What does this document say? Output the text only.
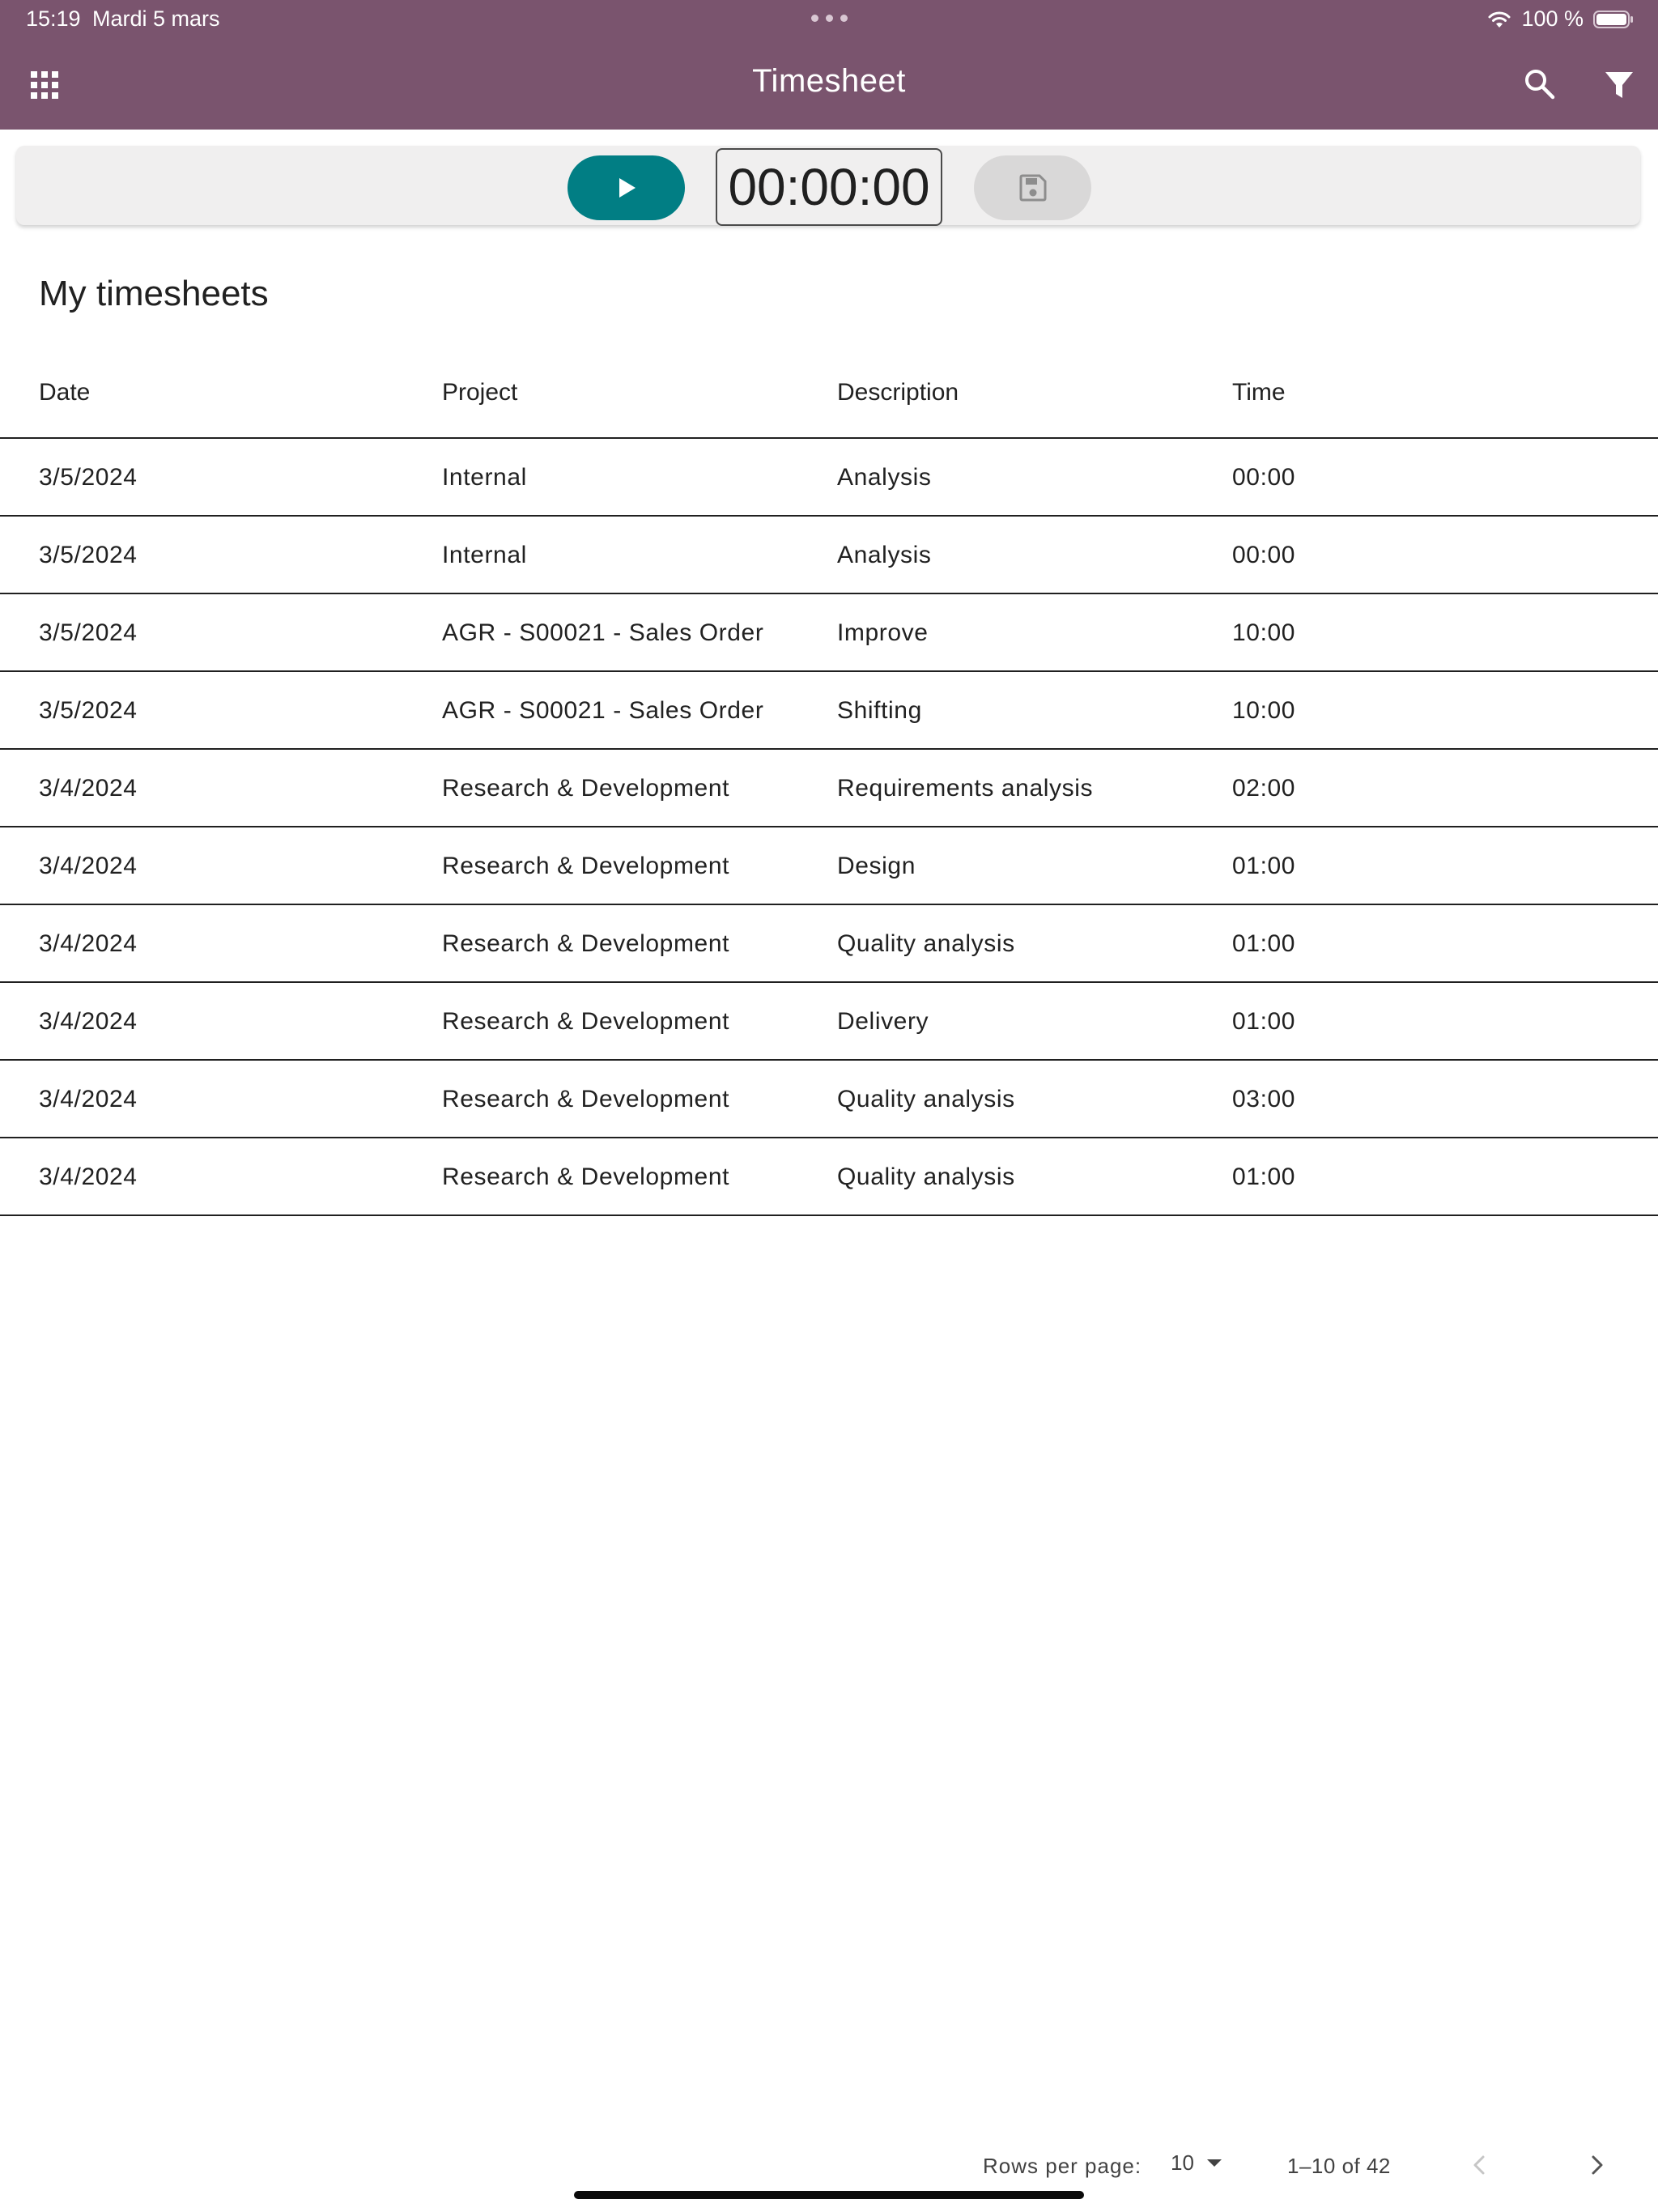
15:19 Mardi 5 mars	100 %
Timesheet
00:00:00
My timesheets
Date	Project	Description	Time
3/5/2024	Internal	Analysis	00:00
3/5/2024	Internal	Analysis	00:00
3/5/2024	AGR - S00021 - Sales Order	Improve	10:00
3/5/2024	AGR - S00021 - Sales Order	Shifting	10:00
3/4/2024	Research & Development	Requirements analysis	02:00
3/4/2024	Research & Development	Design	01:00
3/4/2024	Research & Development	Quality analysis	01:00
3/4/2024	Research & Development	Delivery	01:00
3/4/2024	Research & Development	Quality analysis	03:00
3/4/2024	Research & Development	Quality analysis	01:00
Rows per page: 10	1–10 of 42
